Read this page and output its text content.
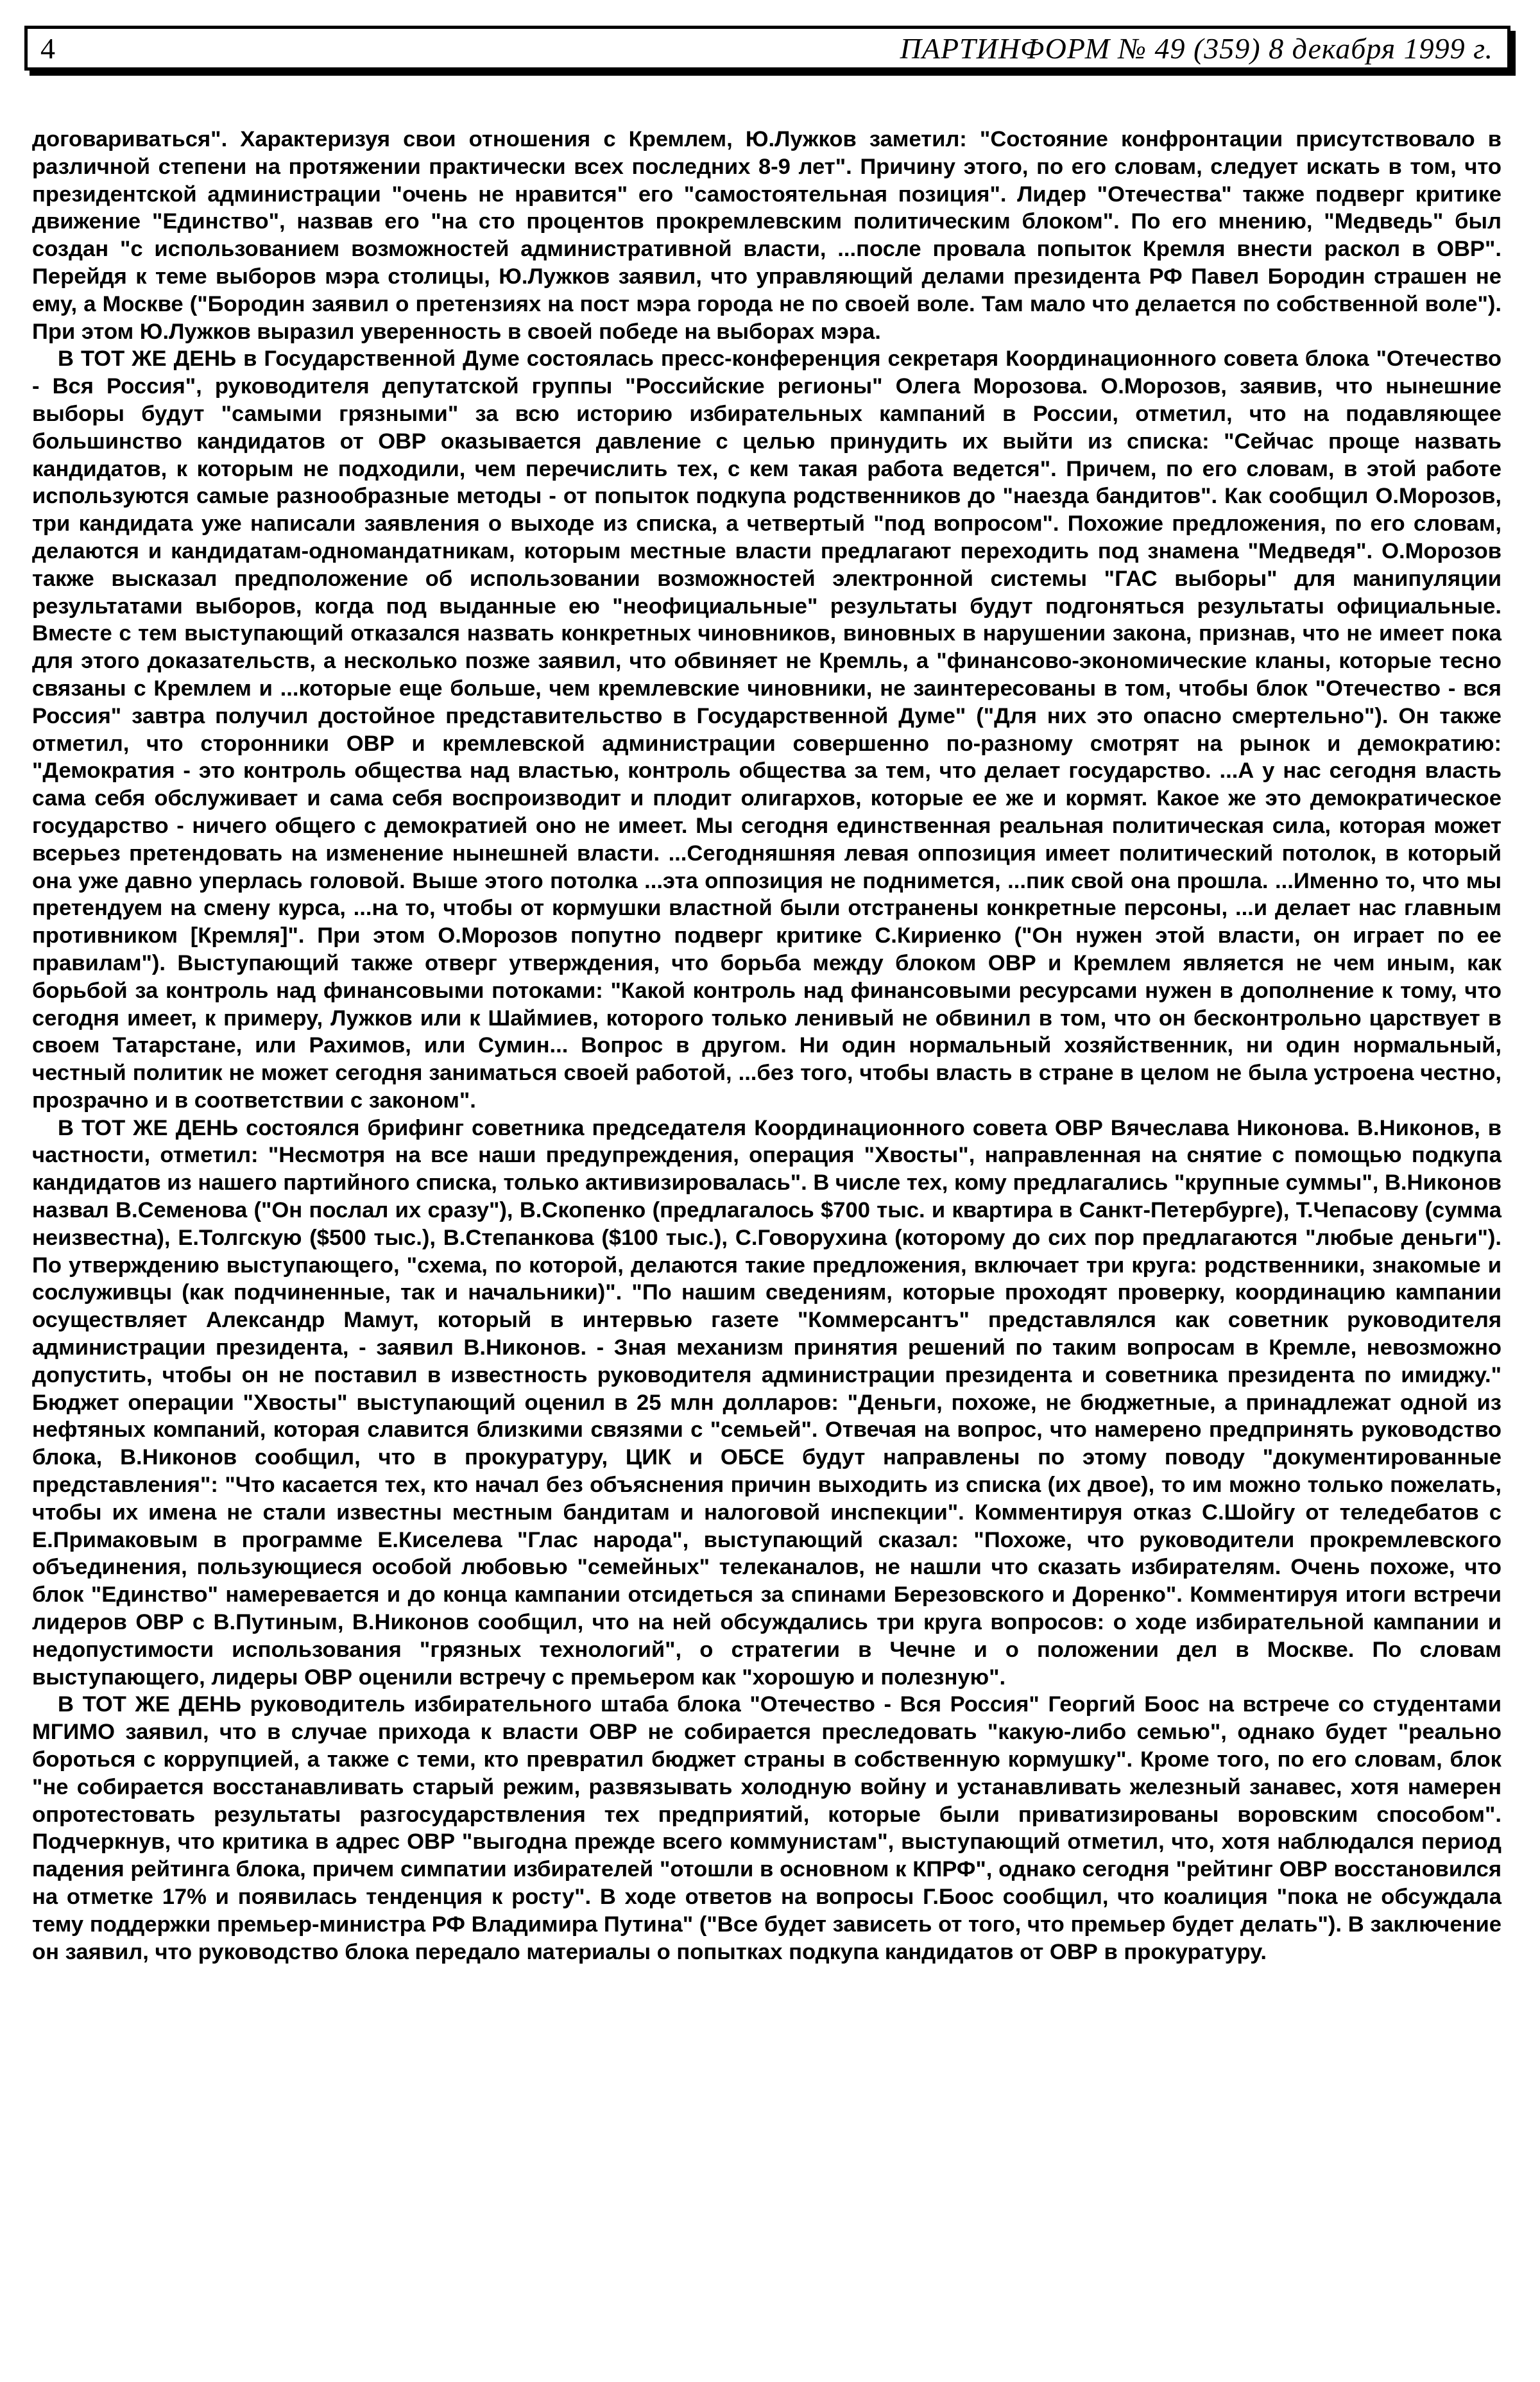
4	ПАРТИНФОРМ № 49 (359) 8 декабря 1999 г.

договариваться". Характеризуя свои отношения с Кремлем, Ю.Лужков заметил: "Состояние конфронтации присутствовало в различной степени на протяжении практически всех последних 8-9 лет". Причину этого, по его словам, следует искать в том, что президентской администрации "очень не нравится" его "самостоятельная позиция". Лидер "Отечества" также подверг критике движение "Единство", назвав его "на сто процентов прокремлевским политическим блоком". По его мнению, "Медведь" был создан "с использованием возможностей административной власти, ...после провала попыток Кремля внести раскол в ОВР". Перейдя к теме выборов мэра столицы, Ю.Лужков заявил, что управляющий делами президента РФ Павел Бородин страшен не ему, а Москве ("Бородин заявил о претензиях на пост мэра города не по своей воле. Там мало что делается по собственной воле"). При этом Ю.Лужков выразил уверенность в своей победе на выборах мэра.

В ТОТ ЖЕ ДЕНЬ в Государственной Думе состоялась пресс-конференция секретаря Координационного совета блока "Отечество - Вся Россия", руководителя депутатской группы "Российские регионы" Олега Морозова. О.Морозов, заявив, что нынешние выборы будут "самыми грязными" за всю историю избирательных кампаний в России, отметил, что на подавляющее большинство кандидатов от ОВР оказывается давление с целью принудить их выйти из списка: "Сейчас проще назвать кандидатов, к которым не подходили, чем перечислить тех, с кем такая работа ведется". Причем, по его словам, в этой работе используются самые разнообразные методы - от попыток подкупа родственников до "наезда бандитов". Как сообщил О.Морозов, три кандидата уже написали заявления о выходе из списка, а четвертый "под вопросом". Похожие предложения, по его словам, делаются и кандидатам-одномандатникам, которым местные власти предлагают переходить под знамена "Медведя". О.Морозов также высказал предположение об использовании возможностей электронной системы "ГАС выборы" для манипуляции результатами выборов, когда под выданные ею "неофициальные" результаты будут подгоняться результаты официальные. Вместе с тем выступающий отказался назвать конкретных чиновников, виновных в нарушении закона, признав, что не имеет пока для этого доказательств, а несколько позже заявил, что обвиняет не Кремль, а "финансово-экономические кланы, которые тесно связаны с Кремлем и ...которые еще больше, чем кремлевские чиновники, не заинтересованы в том, чтобы блок "Отечество - вся Россия" завтра получил достойное представительство в Государственной Думе" ("Для них это опасно смертельно"). Он также отметил, что сторонники ОВР и кремлевской администрации совершенно по-разному смотрят на рынок и демократию: "Демократия - это контроль общества над властью, контроль общества за тем, что делает государство. ...А у нас сегодня власть сама себя обслуживает и сама себя воспроизводит и плодит олигархов, которые ее же и кормят. Какое же это демократическое государство - ничего общего с демократией оно не имеет. Мы сегодня единственная реальная политическая сила, которая может всерьез претендовать на изменение нынешней власти. ...Сегодняшняя левая оппозиция имеет политический потолок, в который она уже давно уперлась головой. Выше этого потолка ...эта оппозиция не поднимется, ...пик свой она прошла. ...Именно то, что мы претендуем на смену курса, ...на то, чтобы от кормушки властной были отстранены конкретные персоны, ...и делает нас главным противником [Кремля]". При этом О.Морозов попутно подверг критике С.Кириенко ("Он нужен этой власти, он играет по ее правилам"). Выступающий также отверг утверждения, что борьба между блоком ОВР и Кремлем является не чем иным, как борьбой за контроль над финансовыми потоками: "Какой контроль над финансовыми ресурсами нужен в дополнение к тому, что сегодня имеет, к примеру, Лужков или к Шаймиев, которого только ленивый не обвинил в том, что он бесконтрольно царствует в своем Татарстане, или Рахимов, или Сумин... Вопрос в другом. Ни один нормальный хозяйственник, ни один нормальный, честный политик не может сегодня заниматься своей работой, ...без того, чтобы власть в стране в целом не была устроена честно, прозрачно и в соответствии с законом".

В ТОТ ЖЕ ДЕНЬ состоялся брифинг советника председателя Координационного совета ОВР Вячеслава Никонова. В.Никонов, в частности, отметил: "Несмотря на все наши предупреждения, операция "Хвосты", направленная на снятие с помощью подкупа кандидатов из нашего партийного списка, только активизировалась". В числе тех, кому предлагались "крупные суммы", В.Никонов назвал В.Семенова ("Он послал их сразу"), В.Скопенко (предлагалось $700 тыс. и квартира в Санкт-Петербурге), Т.Чепасову (сумма неизвестна), Е.Толгскую ($500 тыс.), В.Степанкова ($100 тыс.), С.Говорухина (которому до сих пор предлагаются "любые деньги"). По утверждению выступающего, "схема, по которой, делаются такие предложения, включает три круга: родственники, знакомые и сослуживцы (как подчиненные, так и начальники)". "По нашим сведениям, которые проходят проверку, координацию кампании осуществляет Александр Мамут, который в интервью газете "Коммерсантъ" представлялся как советник руководителя администрации президента, - заявил В.Никонов. - Зная механизм принятия решений по таким вопросам в Кремле, невозможно допустить, чтобы он не поставил в известность руководителя администрации президента и советника президента по имиджу." Бюджет операции "Хвосты" выступающий оценил в 25 млн долларов: "Деньги, похоже, не бюджетные, а принадлежат одной из нефтяных компаний, которая славится близкими связями с "семьей". Отвечая на вопрос, что намерено предпринять руководство блока, В.Никонов сообщил, что в прокуратуру, ЦИК и ОБСЕ будут направлены по этому поводу "документированные представления": "Что касается тех, кто начал без объяснения причин выходить из списка (их двое), то им можно только пожелать, чтобы их имена не стали известны местным бандитам и налоговой инспекции". Комментируя отказ С.Шойгу от теледебатов с Е.Примаковым в программе Е.Киселева "Глас народа", выступающий сказал: "Похоже, что руководители прокремлевского объединения, пользующиеся особой любовью "семейных" телеканалов, не нашли что сказать избирателям. Очень похоже, что блок "Единство" намеревается и до конца кампании отсидеться за спинами Березовского и Доренко". Комментируя итоги встречи лидеров ОВР с В.Путиным, В.Никонов сообщил, что на ней обсуждались три круга вопросов: о ходе избирательной кампании и недопустимости использования "грязных технологий", о стратегии в Чечне и о положении дел в Москве. По словам выступающего, лидеры ОВР оценили встречу с премьером как "хорошую и полезную".

В ТОТ ЖЕ ДЕНЬ руководитель избирательного штаба блока "Отечество - Вся Россия" Георгий Боос на встрече со студентами МГИМО заявил, что в случае прихода к власти ОВР не собирается преследовать "какую-либо семью", однако будет "реально бороться с коррупцией, а также с теми, кто превратил бюджет страны в собственную кормушку". Кроме того, по его словам, блок "не собирается восстанавливать старый режим, развязывать холодную войну и устанавливать железный занавес, хотя намерен опротестовать результаты разгосударствления тех предприятий, которые были приватизированы воровским способом". Подчеркнув, что критика в адрес ОВР "выгодна прежде всего коммунистам", выступающий отметил, что, хотя наблюдался период падения рейтинга блока, причем симпатии избирателей "отошли в основном к КПРФ", однако сегодня "рейтинг ОВР восстановился на отметке 17% и появилась тенденция к росту". В ходе ответов на вопросы Г.Боос сообщил, что коалиция "пока не обсуждала тему поддержки премьер-министра РФ Владимира Путина" ("Все будет зависеть от того, что премьер будет делать"). В заключение он заявил, что руководство блока передало материалы о попытках подкупа кандидатов от ОВР в прокуратуру.
